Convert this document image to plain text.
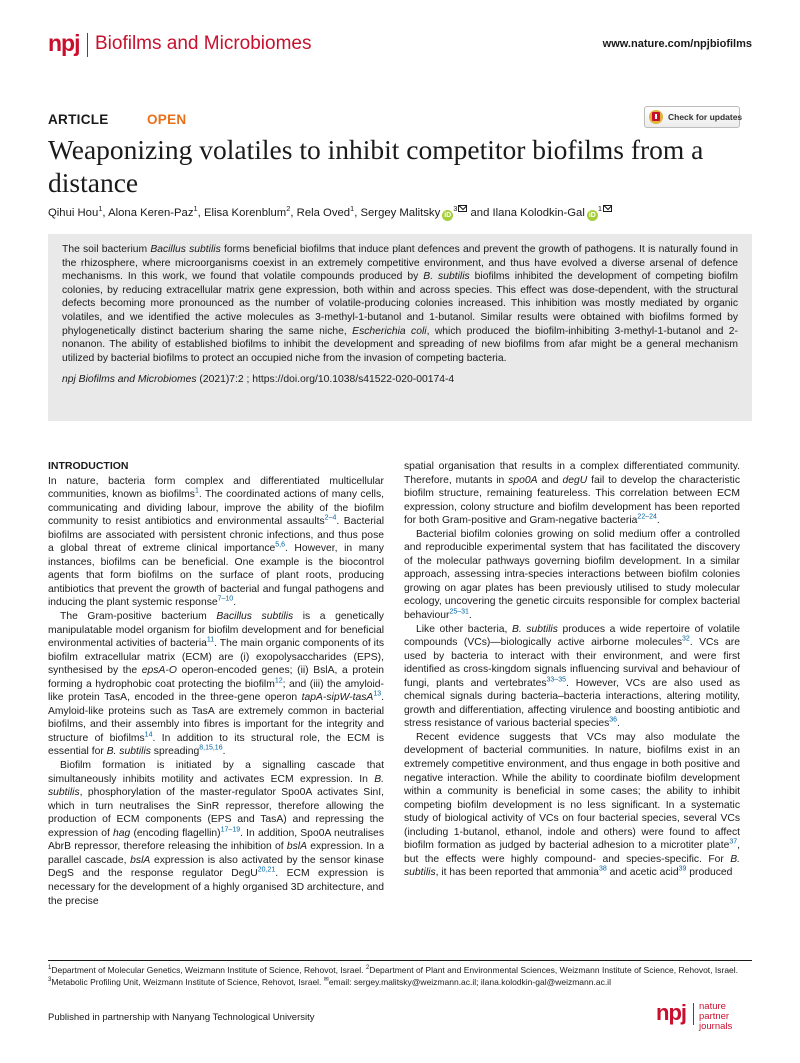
npj Biofilms and Microbiomes	www.nature.com/npjbiofilms
ARTICLE	OPEN	Check for updates
Weaponizing volatiles to inhibit competitor biofilms from a distance
Qihui Hou$^1$, Alona Keren-Paz$^1$, Elisa Korenblum$^2$, Rela Oved$^1$, Sergey Malitsky $iD^3$ and Ilana Kolodkin-Gal $iD^1$

The soil bacterium Bacillus subtilis forms beneficial biofilms that induce plant defences and prevent the growth of pathogens. It is naturally found in the rhizosphere, where microorganisms coexist in an extremely competitive environment, and thus have evolved a diverse arsenal of defence mechanisms. In this work, we found that volatile compounds produced by B. subtilis biofilms inhibited the development of competing biofilm colonies, by reducing extracellular matrix gene expression, both within and across species. This effect was dose-dependent, with the structural defects becoming more pronounced as the number of volatile-producing colonies increased. This inhibition was mostly mediated by organic volatiles, and we identified the active molecules as 3-methyl-1-butanol and 1-butanol. Similar results were obtained with biofilms formed by phylogenetically distinct bacterium sharing the same niche, Escherichia coli, which produced the biofilm-inhibiting 3-methyl-1-butanol and 2-nonanon. The ability of established biofilms to inhibit the development and spreading of new biofilms from afar might be a general mechanism utilized by bacterial biofilms to protect an occupied niche from the invasion of competing bacteria.

npj Biofilms and Microbiomes (2021)7:2 ; https://doi.org/10.1038/s41522-020-00174-4

INTRODUCTION

In nature, bacteria form complex and differentiated multicellular communities, known as biofilms$^1$. The coordinated actions of many cells, communicating and dividing labour, improve the ability of the biofilm community to resist antibiotics and environmental assaults$^{2-4}$. Bacterial biofilms are associated with persistent chronic infections, and thus pose a global threat of extreme clinical importance$^{5,6}$. However, in many instances, biofilms can be beneficial. One example is the biocontrol agents that form biofilms on the surface of plant roots, producing antibiotics that prevent the growth of bacterial and fungal pathogens and inducing the plant systemic response$^{7-10}$.

The Gram-positive bacterium Bacillus subtilis is a genetically manipulatable model organism for biofilm development and for beneficial environmental activities of bacteria$^{11}$. The main organic components of its biofilm extracellular matrix (ECM) are (i) exopolysaccharides (EPS), synthesised by the epsA-O operon-encoded genes; (ii) BslA, a protein forming a hydrophobic coat protecting the biofilm$^{12}$; and (iii) the amyloid-like protein TasA, encoded in the three-gene operon tapA-sipW-tasA$^{13}$. Amyloid-like proteins such as TasA are extremely common in bacterial biofilms, and their assembly into fibres is important for the integrity and structure of biofilms$^{14}$. In addition to its structural role, the ECM is essential for B. subtilis spreading$^{8,15,16}$.

Biofilm formation is initiated by a signalling cascade that simultaneously inhibits motility and activates ECM expression. In B. subtilis, phosphorylation of the master-regulator Spo0A activates SinI, which in turn neutralises the SinR repressor, therefore allowing the production of ECM components (EPS and TasA) and repressing the expression of hag (encoding flagellin)$^{17-19}$. In addition, Spo0A neutralises AbrB repressor, therefore releasing the inhibition of bslA expression. In a parallel cascade, bslA expression is also activated by the sensor kinase DegS and the response regulator DegU$^{20,21}$. ECM expression is necessary for the development of a highly organised 3D architecture, and the precise

spatial organisation that results in a complex differentiated community. Therefore, mutants in spo0A and degU fail to develop the characteristic biofilm structure, remaining featureless. This correlation between ECM expression, colony structure and biofilm development has been reported for both Gram-positive and Gram-negative bacteria$^{22-24}$.

Bacterial biofilm colonies growing on solid medium offer a controlled and reproducible experimental system that has facilitated the discovery of the molecular pathways governing biofilm development. In a similar approach, assessing intra-species interactions between biofilm colonies growing on agar plates has been previously utilised to study molecular ecology, uncovering the genetic circuits responsible for complex bacterial behaviour$^{25-31}$.

Like other bacteria, B. subtilis produces a wide repertoire of volatile compounds (VCs)—biologically active airborne molecules$^{32}$. VCs are used by bacteria to interact with their environment, and were first identified as cross-kingdom signals influencing survival and behaviour of fungi, plants and vertebrates$^{33-35}$. However, VCs are also used as chemical signals during bacteria–bacteria interactions, altering motility, growth and differentiation, affecting virulence and boosting antibiotic and stress resistance of various bacterial species$^{36}$.

Recent evidence suggests that VCs may also modulate the development of bacterial communities. In nature, biofilms exist in an extremely competitive environment, and thus engage in both positive and negative interaction. While the ability to coordinate biofilm development within a community is beneficial in some cases; the ability to inhibit competing biofilm development is no less significant. In a systematic study of biological activity of VCs on four bacterial species, several VCs (including 1-butanol, ethanol, indole and others) were found to affect biofilm formation as judged by bacterial adhesion to a microtiter plate$^{37}$, but the effects were highly compound- and species-specific. For B. subtilis, it has been reported that ammonia$^{38}$ and acetic acid$^{39}$ produced

$^1$Department of Molecular Genetics, Weizmann Institute of Science, Rehovot, Israel. $^2$Department of Plant and Environmental Sciences, Weizmann Institute of Science, Rehovot, Israel. $^3$Metabolic Profiling Unit, Weizmann Institute of Science, Rehovot, Israel. ✉email: sergey.malitsky@weizmann.ac.il; ilana.kolodkin-gal@weizmann.ac.il
Published in partnership with Nanyang Technological University	npj nature partner
journals
